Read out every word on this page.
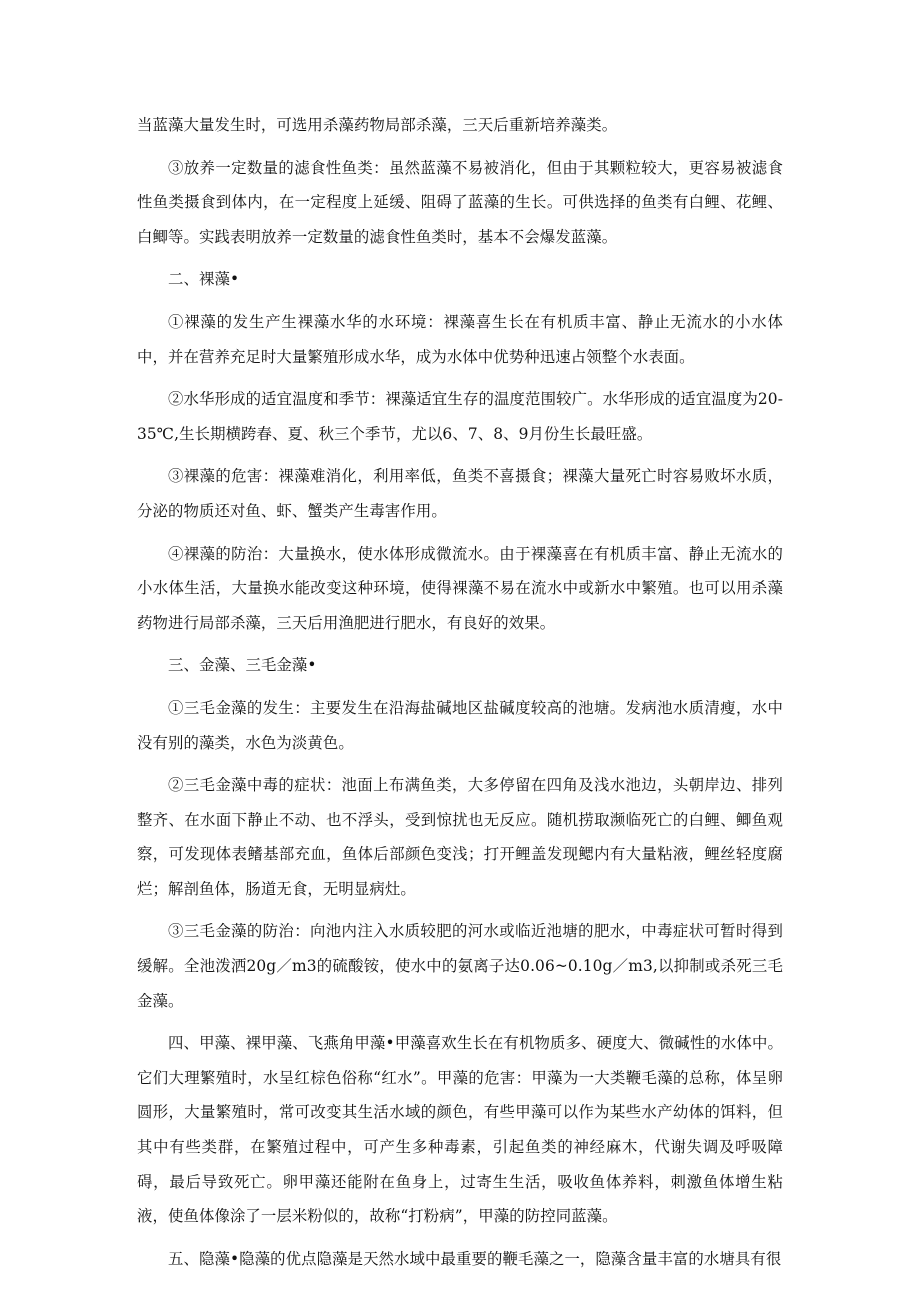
当蓝藻大量发生时，可选用杀藻药物局部杀藻，三天后重新培养藻类。

③放养一定数量的滤食性鱼类：虽然蓝藻不易被消化，但由于其颗粒较大，更容易被滤食性鱼类摄食到体内，在一定程度上延缓、阻碍了蓝藻的生长。可供选择的鱼类有白鲤、花鲤、白鲫等。实践表明放养一定数量的滤食性鱼类时，基本不会爆发蓝藻。

二、裸藻•

①裸藻的发生产生裸藻水华的水环境：裸藻喜生长在有机质丰富、静止无流水的小水体中，并在营养充足时大量繁殖形成水华，成为水体中优势种迅速占领整个水表面。

②水华形成的适宜温度和季节：裸藻适宜生存的温度范围较广。水华形成的适宜温度为20-35℃,生长期横跨春、夏、秋三个季节，尤以6、7、8、9月份生长最旺盛。

③裸藻的危害：裸藻难消化，利用率低，鱼类不喜摄食；裸藻大量死亡时容易败坏水质，分泌的物质还对鱼、虾、蟹类产生毒害作用。

④裸藻的防治：大量换水，使水体形成微流水。由于裸藻喜在有机质丰富、静止无流水的小水体生活，大量换水能改变这种环境，使得裸藻不易在流水中或新水中繁殖。也可以用杀藻药物进行局部杀藻，三天后用渔肥进行肥水，有良好的效果。

三、金藻、三毛金藻•

①三毛金藻的发生：主要发生在沿海盐碱地区盐碱度较高的池塘。发病池水质清瘦，水中没有别的藻类，水色为淡黄色。

②三毛金藻中毒的症状：池面上布满鱼类，大多停留在四角及浅水池边，头朝岸边、排列整齐、在水面下静止不动、也不浮头，受到惊扰也无反应。随机捞取濒临死亡的白鲤、鲫鱼观察，可发现体表鳍基部充血，鱼体后部颜色变浅；打开鲤盖发现鳃内有大量粘液，鲤丝轻度腐烂；解剖鱼体，肠道无食，无明显病灶。

③三毛金藻的防治：向池内注入水质较肥的河水或临近池塘的肥水，中毒症状可暂时得到缓解。全池泼洒20g／m3的硫酸铵，使水中的氨离子达0.06~0.10g／m3,以抑制或杀死三毛金藻。

四、甲藻、裸甲藻、飞燕角甲藻•甲藻喜欢生长在有机物质多、硬度大、微碱性的水体中。它们大理繁殖时，水呈红棕色俗称“红水”。甲藻的危害：甲藻为一大类鞭毛藻的总称，体呈卵圆形，大量繁殖时，常可改变其生活水域的颜色，有些甲藻可以作为某些水产幼体的饵料，但其中有些类群，在繁殖过程中，可产生多种毒素，引起鱼类的神经麻木，代谢失调及呼吸障碍，最后导致死亡。卵甲藻还能附在鱼身上，过寄生生活，吸收鱼体养料，刺激鱼体增生粘液，使鱼体像涂了一层米粉似的，故称“打粉病”，甲藻的防控同蓝藻。

五、隐藻•隐藻的优点隐藻是天然水域中最重要的鞭毛藻之一，隐藻含量丰富的水塘具有很
